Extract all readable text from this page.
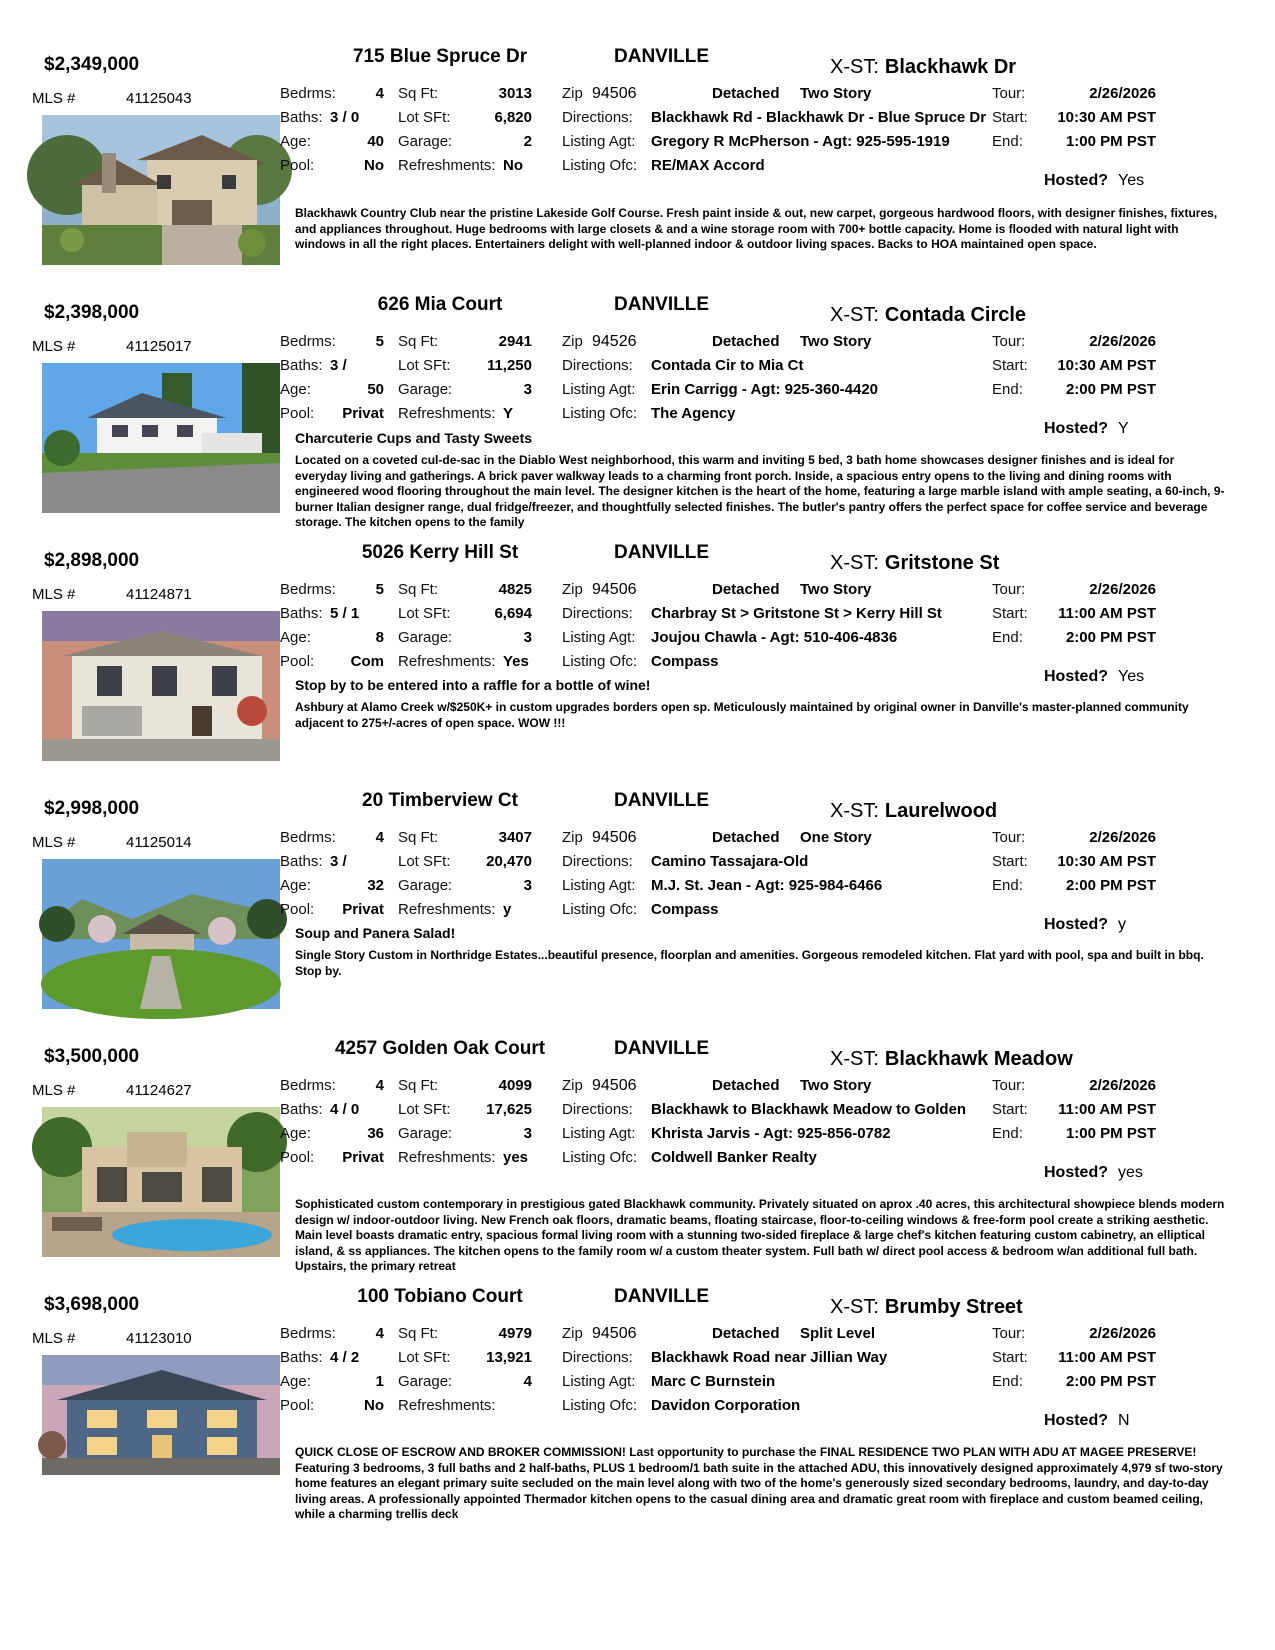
$2,349,000	715 Blue Spruce Dr	DANVILLE	X-ST: Blackhawk Dr
MLS #	41125043	Bedrms:	4 Sq Ft:	3013 Zip 94506	Detached Two Story	Tour:	2/26/2026
Baths: 3 / 0	Lot SFt:	6,820 Directions: Blackhawk Rd - Blackhawk Dr - Blue Spruce Dr Start:	10:30 AM PST
Age:	40 Garage:	2 Listing Agt: Gregory R McPherson - Agt: 925-595-1919	End:	1:00 PM PST
Pool:	No Refreshments: No	Listing Ofc: RE/MAX Accord
Hosted? Yes
Blackhawk Country Club near the pristine Lakeside Golf Course. Fresh paint inside & out, new carpet, gorgeous hardwood floors, with designer finishes, fixtures, and appliances throughout. Huge bedrooms with large closets & and a wine storage room with 700+ bottle capacity. Home is flooded with natural light with windows in all the right places. Entertainers delight with well-planned indoor & outdoor living spaces. Backs to HOA maintained open space.
$2,398,000	626 Mia Court	DANVILLE	X-ST: Contada Circle
MLS #	41125017	Bedrms:	5 Sq Ft:	2941 Zip 94526	Detached Two Story	Tour:	2/26/2026
Baths: 3 /	Lot SFt:	11,250 Directions: Contada Cir to Mia Ct	Start:	10:30 AM PST
Age:	50 Garage:	3 Listing Agt: Erin Carrigg - Agt: 925-360-4420	End:	2:00 PM PST
Pool:	Privat Refreshments: Y	Listing Ofc: The Agency
Hosted? Y
Charcuterie Cups and Tasty Sweets
Located on a coveted cul-de-sac in the Diablo West neighborhood, this warm and inviting 5 bed, 3 bath home showcases designer finishes and is ideal for everyday living and gatherings. A brick paver walkway leads to a charming front porch. Inside, a spacious entry opens to the living and dining rooms with engineered wood flooring throughout the main level. The designer kitchen is the heart of the home, featuring a large marble island with ample seating, a 60-inch, 9-burner Italian designer range, dual fridge/freezer, and thoughtfully selected finishes. The butler's pantry offers the perfect space for coffee service and beverage storage. The kitchen opens to the family
$2,898,000	5026 Kerry Hill St	DANVILLE	X-ST: Gritstone St
MLS #	41124871	Bedrms:	5 Sq Ft:	4825 Zip 94506	Detached Two Story	Tour:	2/26/2026
Baths: 5 / 1	Lot SFt:	6,694 Directions: Charbray St > Gritstone St > Kerry Hill St	Start:	11:00 AM PST
Age:	8 Garage:	3 Listing Agt: Joujou Chawla - Agt: 510-406-4836	End:	2:00 PM PST
Pool:	Com Refreshments: Yes Listing Ofc: Compass
Hosted? Yes
Stop by to be entered into a raffle for a bottle of wine!
Ashbury at Alamo Creek w/$250K+ in custom upgrades borders open sp. Meticulously maintained by original owner in Danville's master-planned community adjacent to 275+/-acres of open space. WOW !!!
$2,998,000	20 Timberview Ct	DANVILLE	X-ST: Laurelwood
MLS #	41125014	Bedrms:	4 Sq Ft:	3407 Zip 94506	Detached One Story	Tour:	2/26/2026
Baths: 3 /	Lot SFt:	20,470 Directions: Camino Tassajara-Old	Start:	10:30 AM PST
Age:	32 Garage:	3 Listing Agt: M.J. St. Jean - Agt: 925-984-6466	End:	2:00 PM PST
Pool:	Privat Refreshments: y	Listing Ofc: Compass
Hosted? y
Soup and Panera Salad!
Single Story Custom in Northridge Estates...beautiful presence, floorplan and amenities. Gorgeous remodeled kitchen. Flat yard with pool, spa and built in bbq. Stop by.
$3,500,000	4257 Golden Oak Court	DANVILLE	X-ST: Blackhawk Meadow
MLS #	41124627	Bedrms:	4 Sq Ft:	4099 Zip 94506	Detached Two Story	Tour:	2/26/2026
Baths: 4 / 0	Lot SFt:	17,625 Directions: Blackhawk to Blackhawk Meadow to Golden Start:	11:00 AM PST
Age:	36 Garage:	3 Listing Agt: Khrista Jarvis - Agt: 925-856-0782	End:	1:00 PM PST
Pool:	Privat Refreshments: yes Listing Ofc: Coldwell Banker Realty
Hosted? yes
Sophisticated custom contemporary in prestigious gated Blackhawk community. Privately situated on aprox .40 acres, this architectural showpiece blends modern design w/ indoor-outdoor living. New French oak floors, dramatic beams, floating staircase, floor-to-ceiling windows & free-form pool create a striking aesthetic. Main level boasts dramatic entry, spacious formal living room with a stunning two-sided fireplace & large chef's kitchen featuring custom cabinetry, an elliptical island, & ss appliances. The kitchen opens to the family room w/ a custom theater system. Full bath w/ direct pool access & bedroom w/an additional full bath. Upstairs, the primary retreat
$3,698,000	100 Tobiano Court	DANVILLE	X-ST: Brumby Street
MLS #	41123010	Bedrms:	4 Sq Ft:	4979 Zip 94506	Detached Split Level	Tour:	2/26/2026
Baths: 4 / 2	Lot SFt:	13,921 Directions: Blackhawk Road near Jillian Way	Start:	11:00 AM PST
Age:	1 Garage:	4 Listing Agt: Marc C Burnstein	End:	2:00 PM PST
Pool:	No Refreshments:	Listing Ofc: Davidon Corporation
Hosted? N
QUICK CLOSE OF ESCROW AND BROKER COMMISSION! Last opportunity to purchase the FINAL RESIDENCE TWO PLAN WITH ADU AT MAGEE PRESERVE! Featuring 3 bedrooms, 3 full baths and 2 half-baths, PLUS 1 bedroom/1 bath suite in the attached ADU, this innovatively designed approximately 4,979 sf two-story home features an elegant primary suite secluded on the main level along with two of the home's generously sized secondary bedrooms, laundry, and day-to-day living areas. A professionally appointed Thermador kitchen opens to the casual dining area and dramatic great room with fireplace and custom beamed ceiling, while a charming trellis deck
